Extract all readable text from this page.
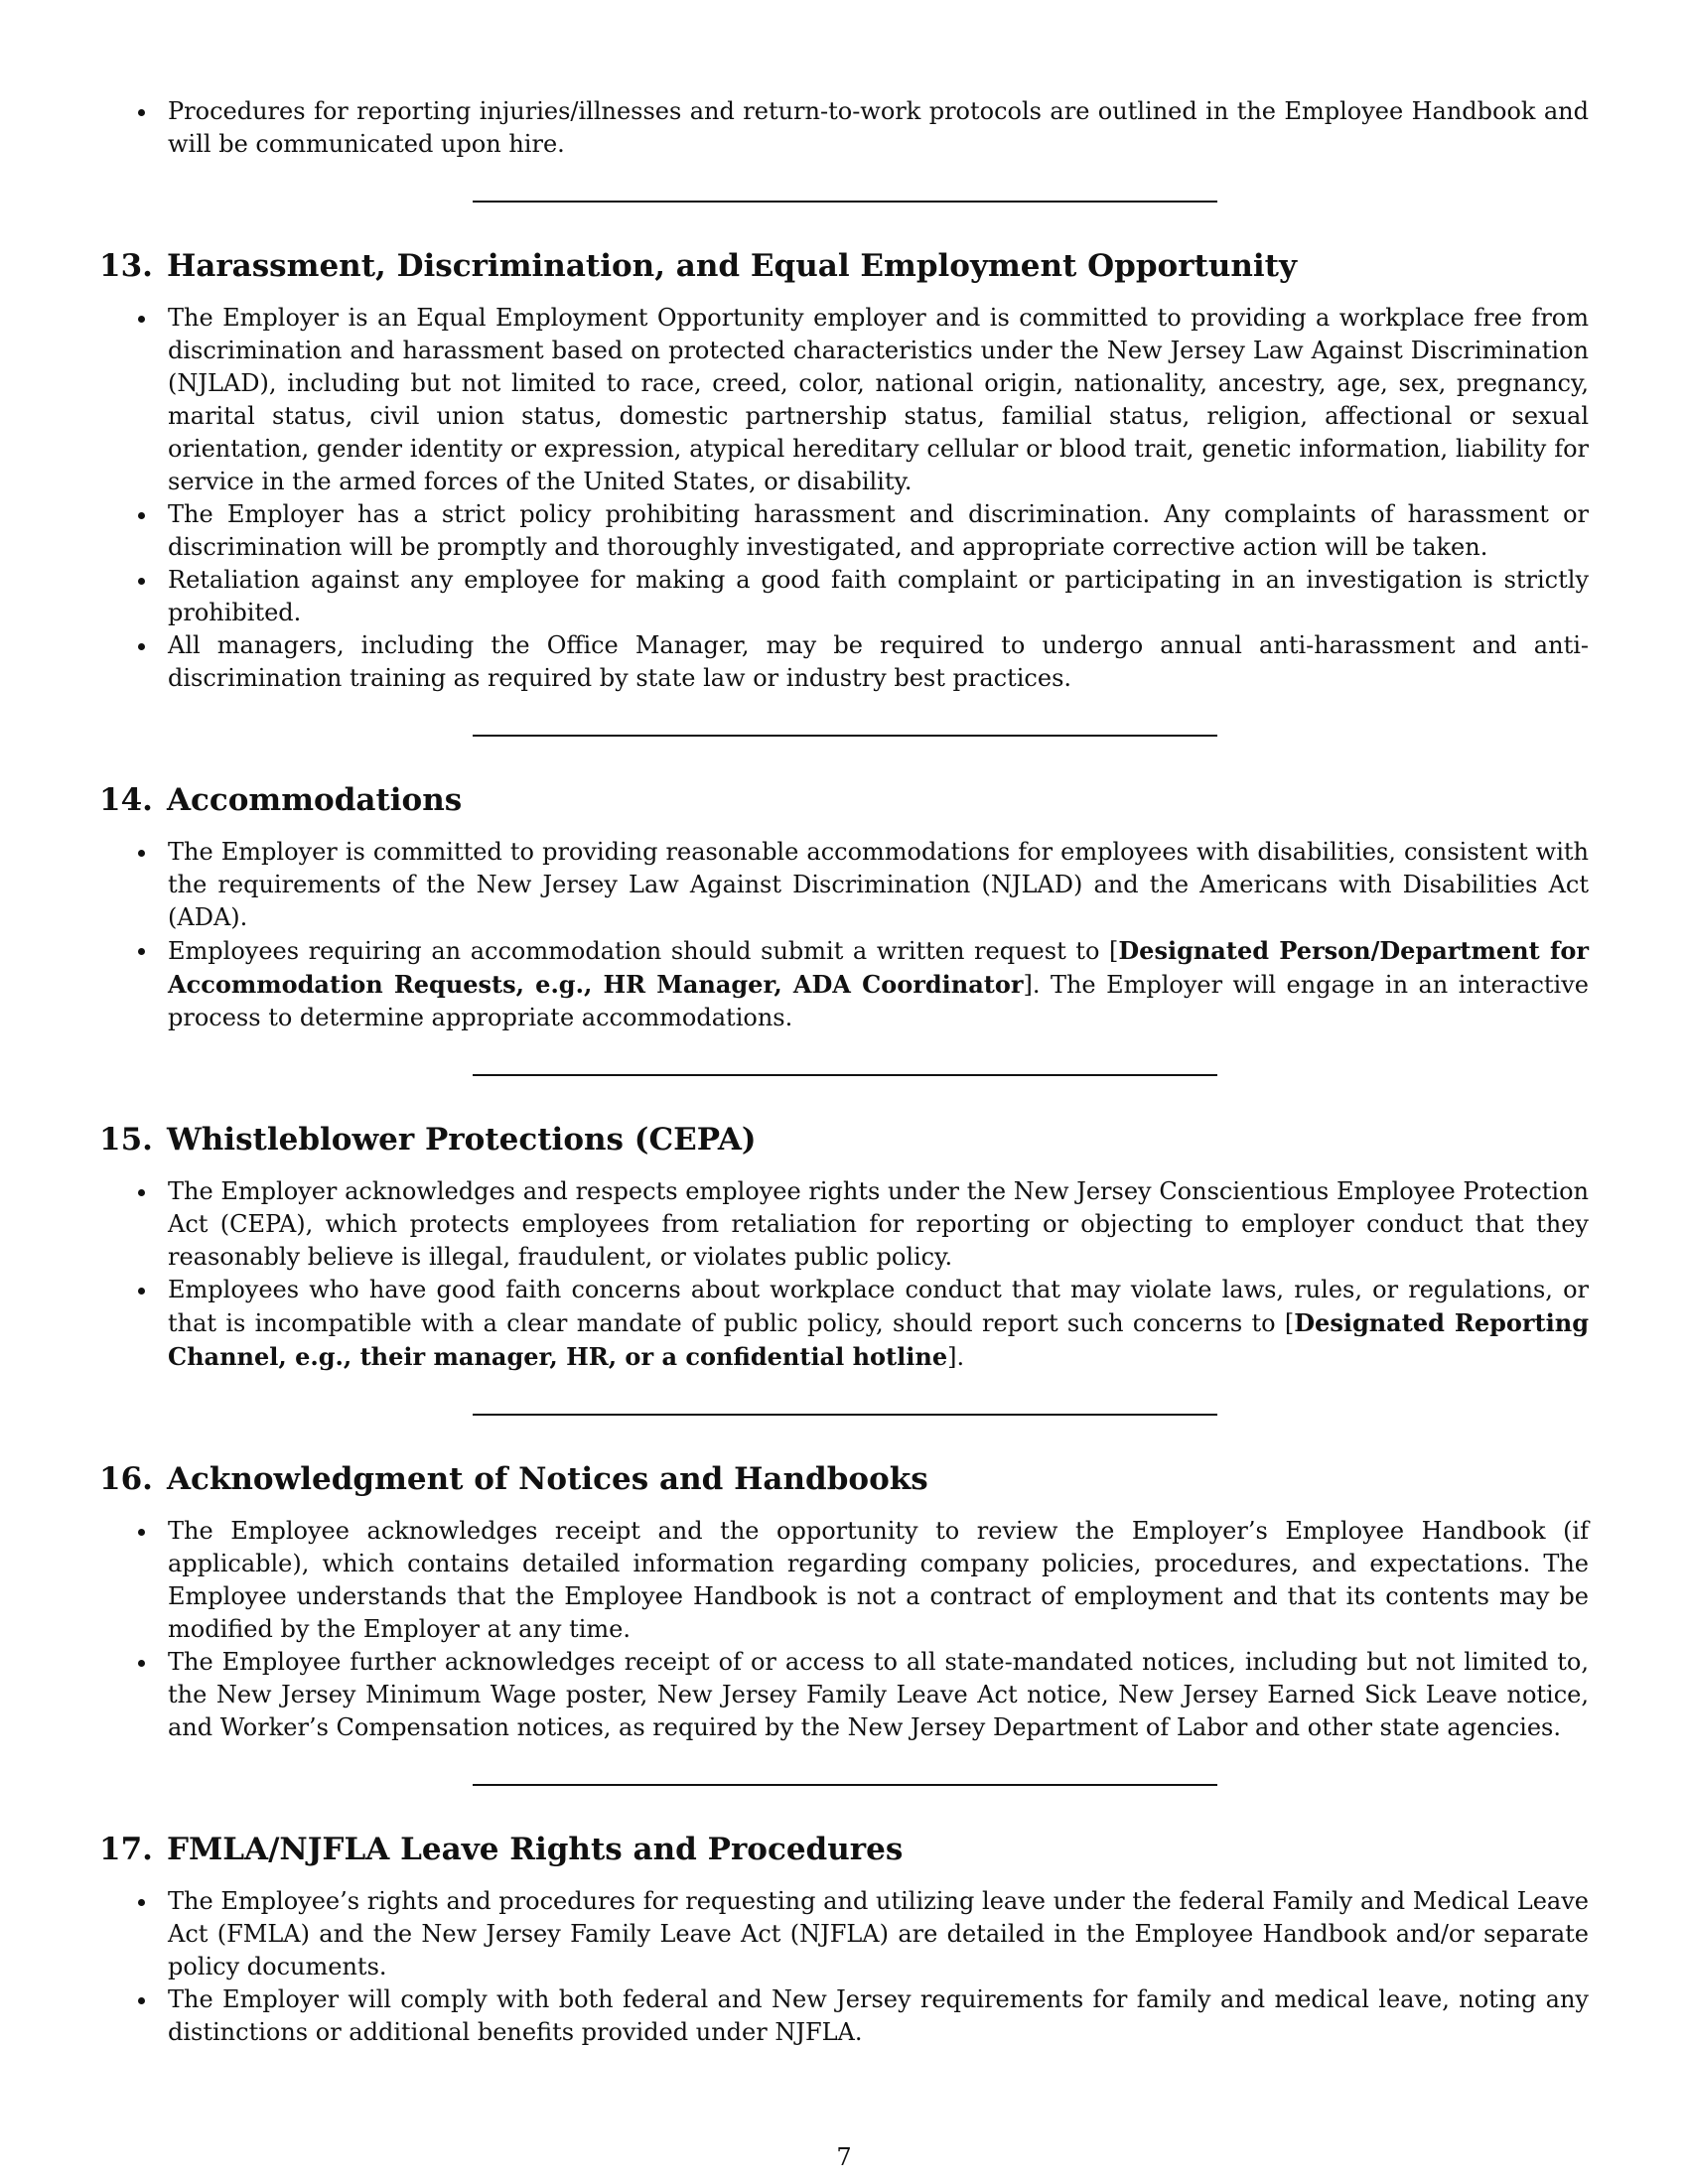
Procedures for reporting injuries/illnesses and return-to-work protocols are outlined in the Employee Handbook and will be communicated upon hire.
13. Harassment, Discrimination, and Equal Employment Opportunity
The Employer is an Equal Employment Opportunity employer and is committed to providing a workplace free from discrimination and harassment based on protected characteristics under the New Jersey Law Against Discrimination (NJLAD), including but not limited to race, creed, color, national origin, nationality, ancestry, age, sex, pregnancy, marital status, civil union status, domestic partnership status, familial status, religion, affectional or sexual orientation, gender identity or expression, atypical hereditary cellular or blood trait, genetic information, liability for service in the armed forces of the United States, or disability.
The Employer has a strict policy prohibiting harassment and discrimination. Any complaints of harassment or discrimination will be promptly and thoroughly investigated, and appropriate corrective action will be taken.
Retaliation against any employee for making a good faith complaint or participating in an investigation is strictly prohibited.
All managers, including the Office Manager, may be required to undergo annual anti-harassment and anti-discrimination training as required by state law or industry best practices.
14. Accommodations
The Employer is committed to providing reasonable accommodations for employees with disabilities, consistent with the requirements of the New Jersey Law Against Discrimination (NJLAD) and the Americans with Disabilities Act (ADA).
Employees requiring an accommodation should submit a written request to [Designated Person/Department for Accommodation Requests, e.g., HR Manager, ADA Coordinator]. The Employer will engage in an interactive process to determine appropriate accommodations.
15. Whistleblower Protections (CEPA)
The Employer acknowledges and respects employee rights under the New Jersey Conscientious Employee Protection Act (CEPA), which protects employees from retaliation for reporting or objecting to employer conduct that they reasonably believe is illegal, fraudulent, or violates public policy.
Employees who have good faith concerns about workplace conduct that may violate laws, rules, or regulations, or that is incompatible with a clear mandate of public policy, should report such concerns to [Designated Reporting Channel, e.g., their manager, HR, or a confidential hotline].
16. Acknowledgment of Notices and Handbooks
The Employee acknowledges receipt and the opportunity to review the Employer’s Employee Handbook (if applicable), which contains detailed information regarding company policies, procedures, and expectations. The Employee understands that the Employee Handbook is not a contract of employment and that its contents may be modified by the Employer at any time.
The Employee further acknowledges receipt of or access to all state-mandated notices, including but not limited to, the New Jersey Minimum Wage poster, New Jersey Family Leave Act notice, New Jersey Earned Sick Leave notice, and Worker’s Compensation notices, as required by the New Jersey Department of Labor and other state agencies.
17. FMLA/NJFLA Leave Rights and Procedures
The Employee’s rights and procedures for requesting and utilizing leave under the federal Family and Medical Leave Act (FMLA) and the New Jersey Family Leave Act (NJFLA) are detailed in the Employee Handbook and/or separate policy documents.
The Employer will comply with both federal and New Jersey requirements for family and medical leave, noting any distinctions or additional benefits provided under NJFLA.
7
